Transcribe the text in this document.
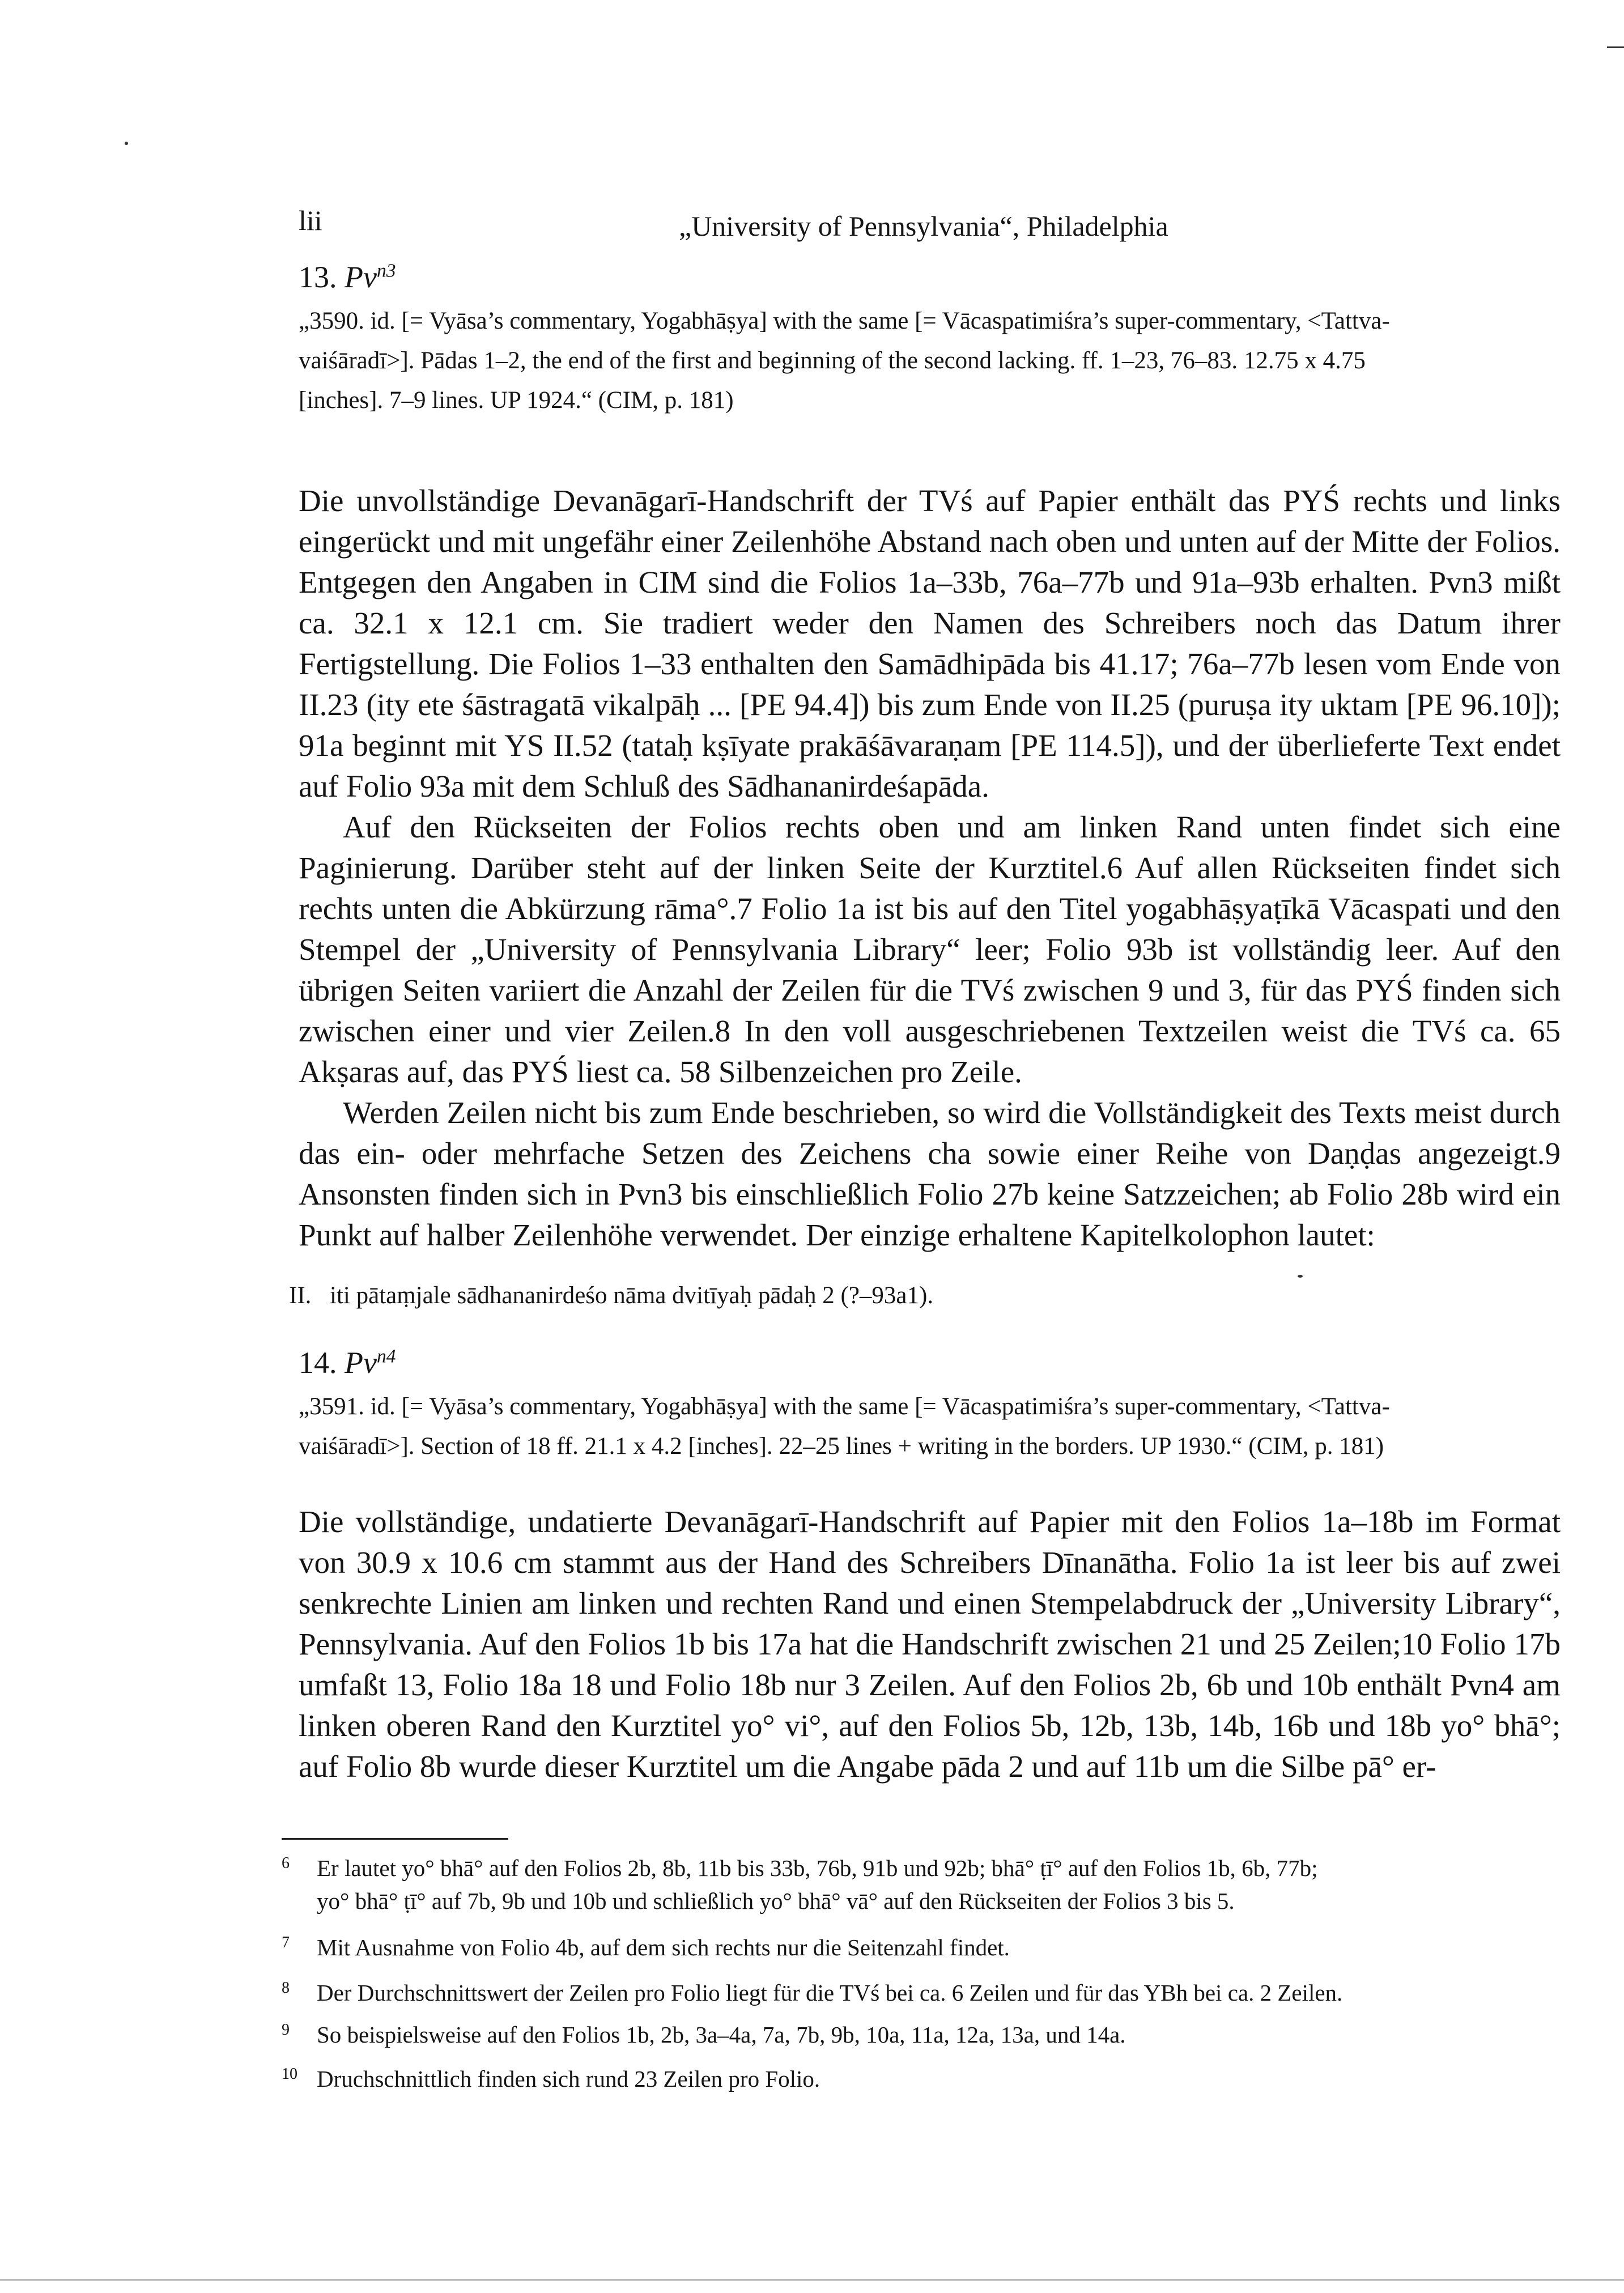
lii	„University of Pennsylvania“, Philadelphia
13. $Pv^{n3}$
„3590. id. [= Vyāsa’s commentary, Yogabhāṣya] with the same [= Vācaspatimiśra’s super-commentary, <Tattva-
vaiśāradī>]. Pādas 1–2, the end of the first and beginning of the second lacking. ff. 1–23, 76–83. 12.75 x 4.75
[inches]. 7–9 lines. UP 1924.“ (CIM, p. 181)

Die unvollständige Devanāgarī-Handschrift der TVś auf Papier enthält das PYŚ rechts und links eingerückt und mit ungefähr einer Zeilenhöhe Abstand nach oben und unten auf der Mitte der Folios. Entgegen den Angaben in CIM sind die Folios 1a–33b, 76a–77b und 91a–93b erhalten. Pvn3 mißt ca. 32.1 x 12.1 cm. Sie tradiert weder den Namen des Schreibers noch das Datum ihrer Fertigstellung. Die Folios 1–33 enthalten den Samādhipāda bis 41.17; 76a–77b lesen vom Ende von II.23 (ity ete śāstragatā vikalpāḥ ... [PE 94.4]) bis zum Ende von II.25 (puruṣa ity uktam [PE 96.10]); 91a beginnt mit YS II.52 (tataḥ kṣīyate prakāśāvaraṇam [PE 114.5]), und der überlieferte Text endet auf Folio 93a mit dem Schluß des Sādhananirdeśapāda.

Auf den Rückseiten der Folios rechts oben und am linken Rand unten findet sich eine Paginierung. Darüber steht auf der linken Seite der Kurztitel.6 Auf allen Rückseiten findet sich rechts unten die Abkürzung rāma°.7 Folio 1a ist bis auf den Titel yogabhāṣyaṭīkā Vācaspati und den Stempel der „University of Pennsylvania Library“ leer; Folio 93b ist vollständig leer. Auf den übrigen Seiten variiert die Anzahl der Zeilen für die TVś zwischen 9 und 3, für das PYŚ finden sich zwischen einer und vier Zeilen.8 In den voll ausgeschriebenen Textzeilen weist die TVś ca. 65 Akṣaras auf, das PYŚ liest ca. 58 Silbenzeichen pro Zeile.

Werden Zeilen nicht bis zum Ende beschrieben, so wird die Vollständigkeit des Texts meist durch das ein- oder mehrfache Setzen des Zeichens cha sowie einer Reihe von Daṇḍas angezeigt.9 Ansonsten finden sich in Pvn3 bis einschließlich Folio 27b keine Satzzeichen; ab Folio 28b wird ein Punkt auf halber Zeilenhöhe verwendet. Der einzige erhaltene Kapitelkolophon lautet:

II. iti pātaṃjale sādhananirdeśo nāma dvitīyaḥ pādaḥ 2 (?–93a1).
14. $Pv^{n4}$
„3591. id. [= Vyāsa’s commentary, Yogabhāṣya] with the same [= Vācaspatimiśra’s super-commentary, <Tattva-
vaiśāradī>]. Section of 18 ff. 21.1 x 4.2 [inches]. 22–25 lines + writing in the borders. UP 1930.“ (CIM, p. 181)

Die vollständige, undatierte Devanāgarī-Handschrift auf Papier mit den Folios 1a–18b im Format von 30.9 x 10.6 cm stammt aus der Hand des Schreibers Dīnanātha. Folio 1a ist leer bis auf zwei senkrechte Linien am linken und rechten Rand und einen Stempelabdruck der „University Library“, Pennsylvania. Auf den Folios 1b bis 17a hat die Handschrift zwischen 21 und 25 Zeilen;10 Folio 17b umfaßt 13, Folio 18a 18 und Folio 18b nur 3 Zeilen. Auf den Folios 2b, 6b und 10b enthält Pvn4 am linken oberen Rand den Kurztitel yo° vi°, auf den Folios 5b, 12b, 13b, 14b, 16b und 18b yo° bhā°; auf Folio 8b wurde dieser Kurztitel um die Angabe pāda 2 und auf 11b um die Silbe pā° er-

6 Er lautet yo° bhā° auf den Folios 2b, 8b, 11b bis 33b, 76b, 91b und 92b; bhā° ṭī° auf den Folios 1b, 6b, 77b;
yo° bhā° ṭī° auf 7b, 9b und 10b und schließlich yo° bhā° vā° auf den Rückseiten der Folios 3 bis 5.
7 Mit Ausnahme von Folio 4b, auf dem sich rechts nur die Seitenzahl findet.
8 Der Durchschnittswert der Zeilen pro Folio liegt für die TVś bei ca. 6 Zeilen und für das YBh bei ca. 2 Zeilen.
9 So beispielsweise auf den Folios 1b, 2b, 3a–4a, 7a, 7b, 9b, 10a, 11a, 12a, 13a, und 14a.
10 Druchschnittlich finden sich rund 23 Zeilen pro Folio.
